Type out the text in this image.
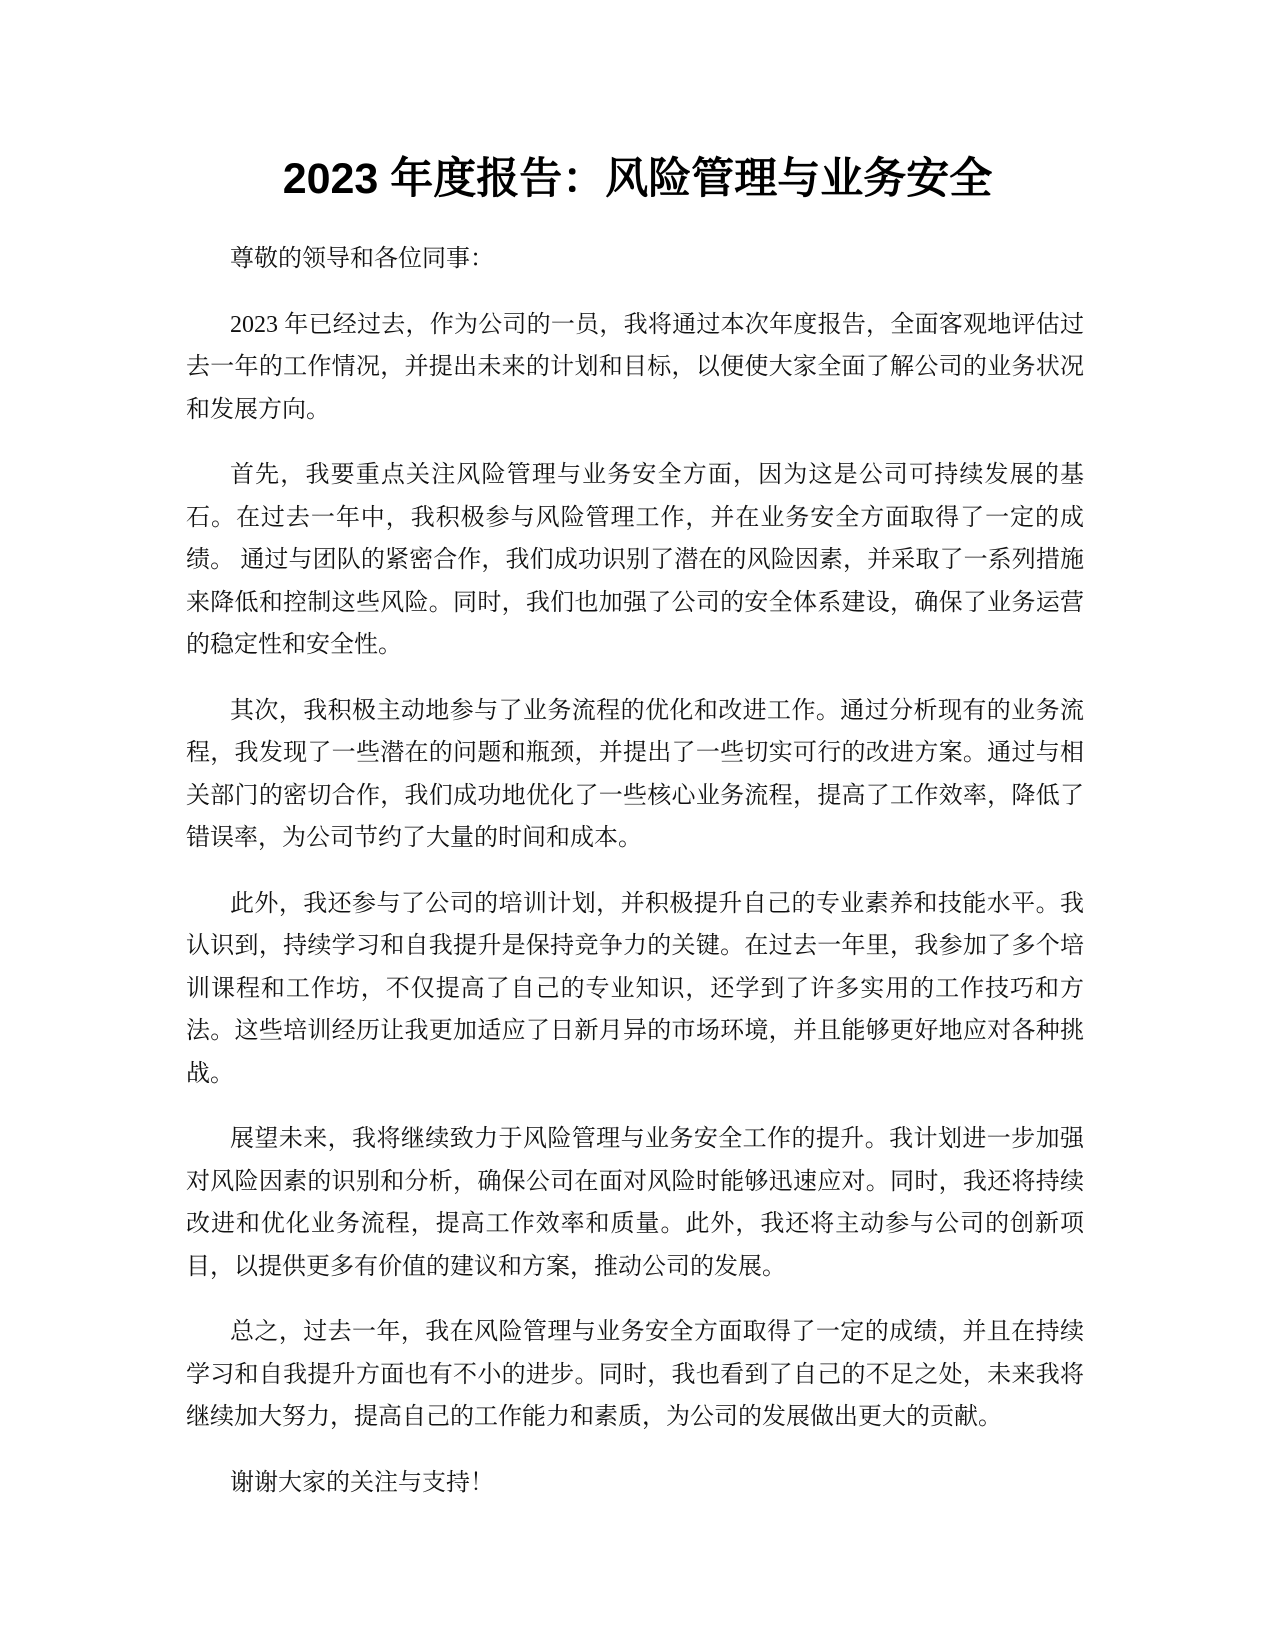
2023 年度报告：风险管理与业务安全

尊敬的领导和各位同事：

2023 年已经过去，作为公司的一员，我将通过本次年度报告，全面客观地评估过去一年的工作情况，并提出未来的计划和目标，以便使大家全面了解公司的业务状况和发展方向。

首先，我要重点关注风险管理与业务安全方面，因为这是公司可持续发展的基石。在过去一年中，我积极参与风险管理工作，并在业务安全方面取得了一定的成绩。 通过与团队的紧密合作，我们成功识别了潜在的风险因素，并采取了一系列措施来降低和控制这些风险。同时，我们也加强了公司的安全体系建设，确保了业务运营的稳定性和安全性。

其次，我积极主动地参与了业务流程的优化和改进工作。通过分析现有的业务流程，我发现了一些潜在的问题和瓶颈，并提出了一些切实可行的改进方案。通过与相关部门的密切合作，我们成功地优化了一些核心业务流程，提高了工作效率，降低了错误率，为公司节约了大量的时间和成本。

此外，我还参与了公司的培训计划，并积极提升自己的专业素养和技能水平。我认识到，持续学习和自我提升是保持竞争力的关键。在过去一年里，我参加了多个培训课程和工作坊，不仅提高了自己的专业知识，还学到了许多实用的工作技巧和方法。这些培训经历让我更加适应了日新月异的市场环境，并且能够更好地应对各种挑战。

展望未来，我将继续致力于风险管理与业务安全工作的提升。我计划进一步加强对风险因素的识别和分析，确保公司在面对风险时能够迅速应对。同时，我还将持续改进和优化业务流程，提高工作效率和质量。此外，我还将主动参与公司的创新项目，以提供更多有价值的建议和方案，推动公司的发展。

总之，过去一年，我在风险管理与业务安全方面取得了一定的成绩，并且在持续学习和自我提升方面也有不小的进步。同时，我也看到了自己的不足之处，未来我将继续加大努力，提高自己的工作能力和素质，为公司的发展做出更大的贡献。

谢谢大家的关注与支持！
